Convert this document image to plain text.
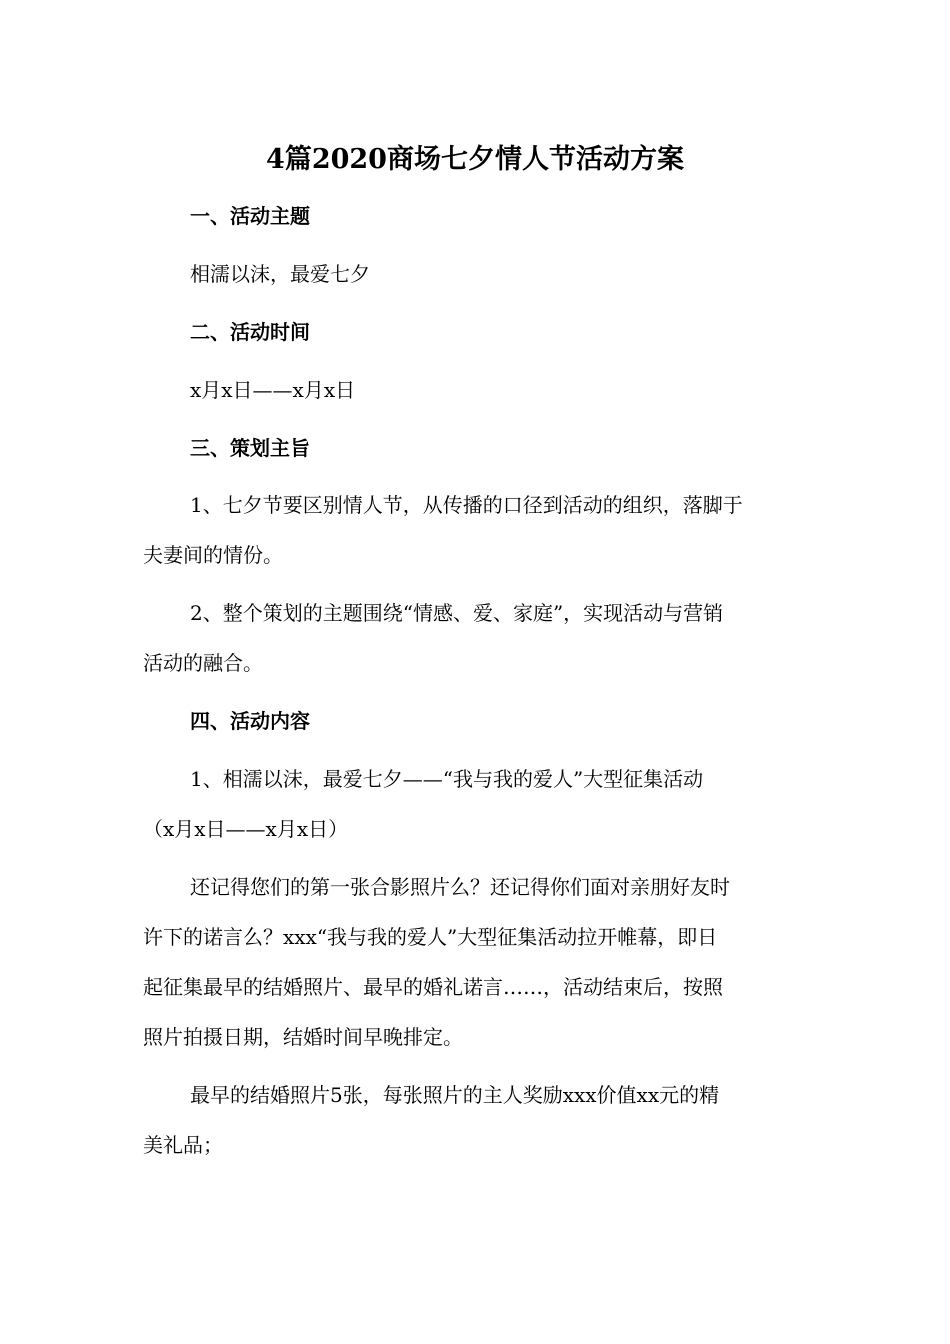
4篇2020商场七夕情人节活动方案
一、活动主题
相濡以沫，最爱七夕
二、活动时间
x月x日——x月x日
三、策划主旨
1、七夕节要区别情人节，从传播的口径到活动的组织，落脚于
夫妻间的情份。
2、整个策划的主题围绕“情感、爱、家庭”，实现活动与营销
活动的融合。
四、活动内容
1、相濡以沫，最爱七夕——“我与我的爱人”大型征集活动
（x月x日——x月x日）
还记得您们的第一张合影照片么？还记得你们面对亲朋好友时
许下的诺言么？xxx“我与我的爱人”大型征集活动拉开帷幕，即日
起征集最早的结婚照片、最早的婚礼诺言……，活动结束后，按照
照片拍摄日期，结婚时间早晚排定。
最早的结婚照片5张，每张照片的主人奖励xxx价值xx元的精
美礼品；
